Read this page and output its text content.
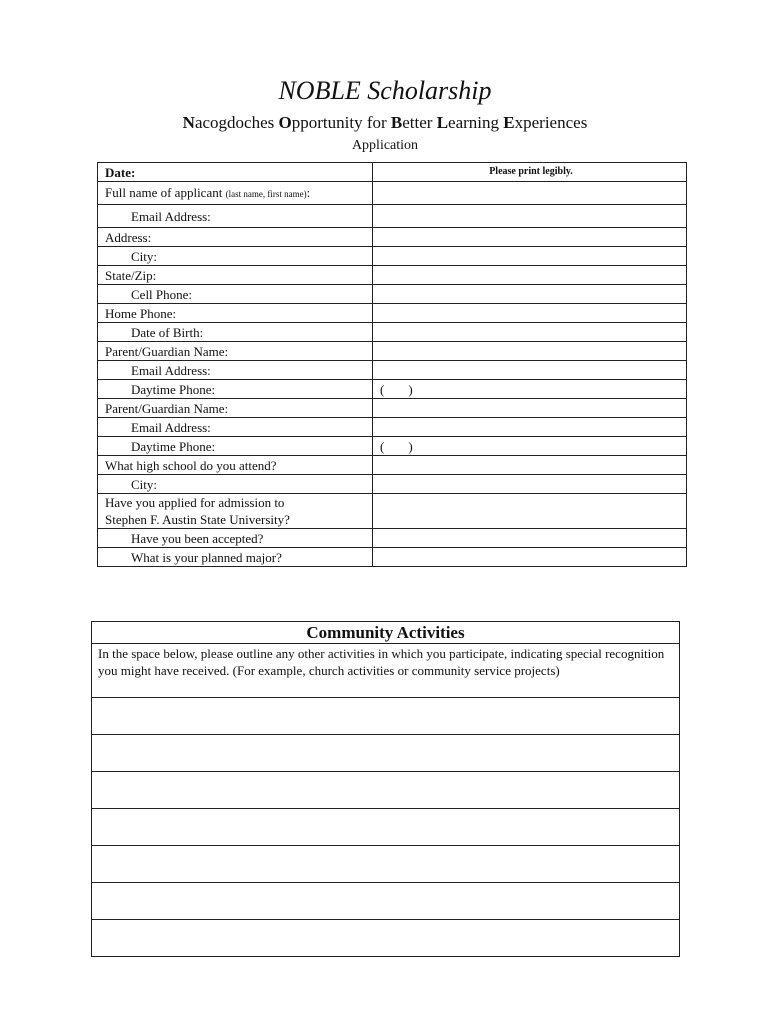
NOBLE Scholarship
Nacogdoches Opportunity for Better Learning Experiences
Application
Date:	Please print legibly.
Full name of applicant (last name, first name):	
Email Address:	
Address:	
City:	
State/Zip:	
Cell Phone:	
Home Phone:	
Date of Birth:	
Parent/Guardian Name:	
Email Address:	
Daytime Phone:	( )
Parent/Guardian Name:	
Email Address:	
Daytime Phone:	( )
What high school do you attend?	
City:	
Have you applied for admission to
Stephen F. Austin State University?	
Have you been accepted?	
What is your planned major?	
Community Activities
In the space below, please outline any other activities in which you participate, indicating special recognition you might have received. (For example, church activities or community service projects)
